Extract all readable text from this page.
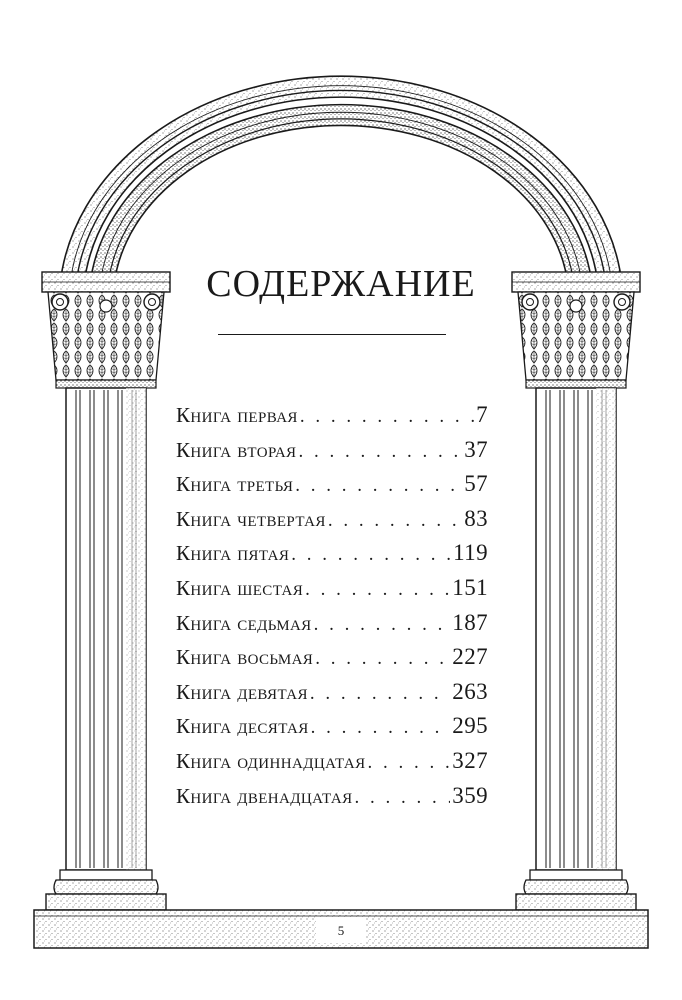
СОДЕРЖАНИЕ
Книга первая . . .	7
Книга вторая . . .	37
Книга третья . . .	57
Книга четвертая . . .	83
Книга пятая . . .	119
Книга шестая . . .	151
Книга седьмая . . .	187
Книга восьмая . . .	227
Книга девятая . . .	263
Книга десятая . . .	295
Книга одиннадцатая . . .	327
Книга двенадцатая . . .	359
5
